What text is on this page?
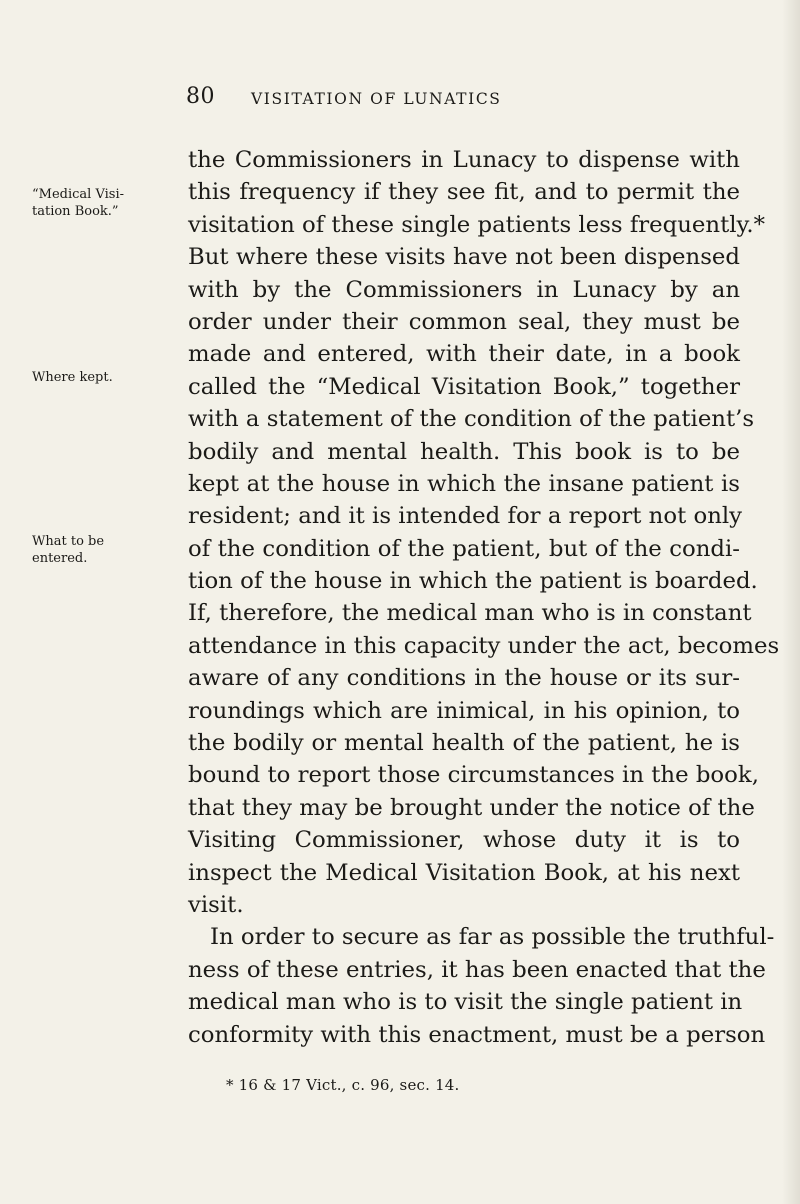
80 VISITATION OF LUNATICS
“Medical Visi-
tation Book.”
Where kept.
What to be
entered.
the Commissioners in Lunacy to dispense with
this frequency if they see fit, and to permit the
visitation of these single patients less frequently.*
But where these visits have not been dispensed
with by the Commissioners in Lunacy by an
order under their common seal, they must be
made and entered, with their date, in a book
called the “Medical Visitation Book,” together
with a statement of the condition of the patient’s
bodily and mental health. This book is to be
kept at the house in which the insane patient is
resident; and it is intended for a report not only
of the condition of the patient, but of the condi-
tion of the house in which the patient is boarded.
If, therefore, the medical man who is in constant
attendance in this capacity under the act, becomes
aware of any conditions in the house or its sur-
roundings which are inimical, in his opinion, to
the bodily or mental health of the patient, he is
bound to report those circumstances in the book,
that they may be brought under the notice of the
Visiting Commissioner, whose duty it is to
inspect the Medical Visitation Book, at his next
visit.
In order to secure as far as possible the truthful-
ness of these entries, it has been enacted that the
medical man who is to visit the single patient in
conformity with this enactment, must be a person
* 16 & 17 Vict., c. 96, sec. 14.
